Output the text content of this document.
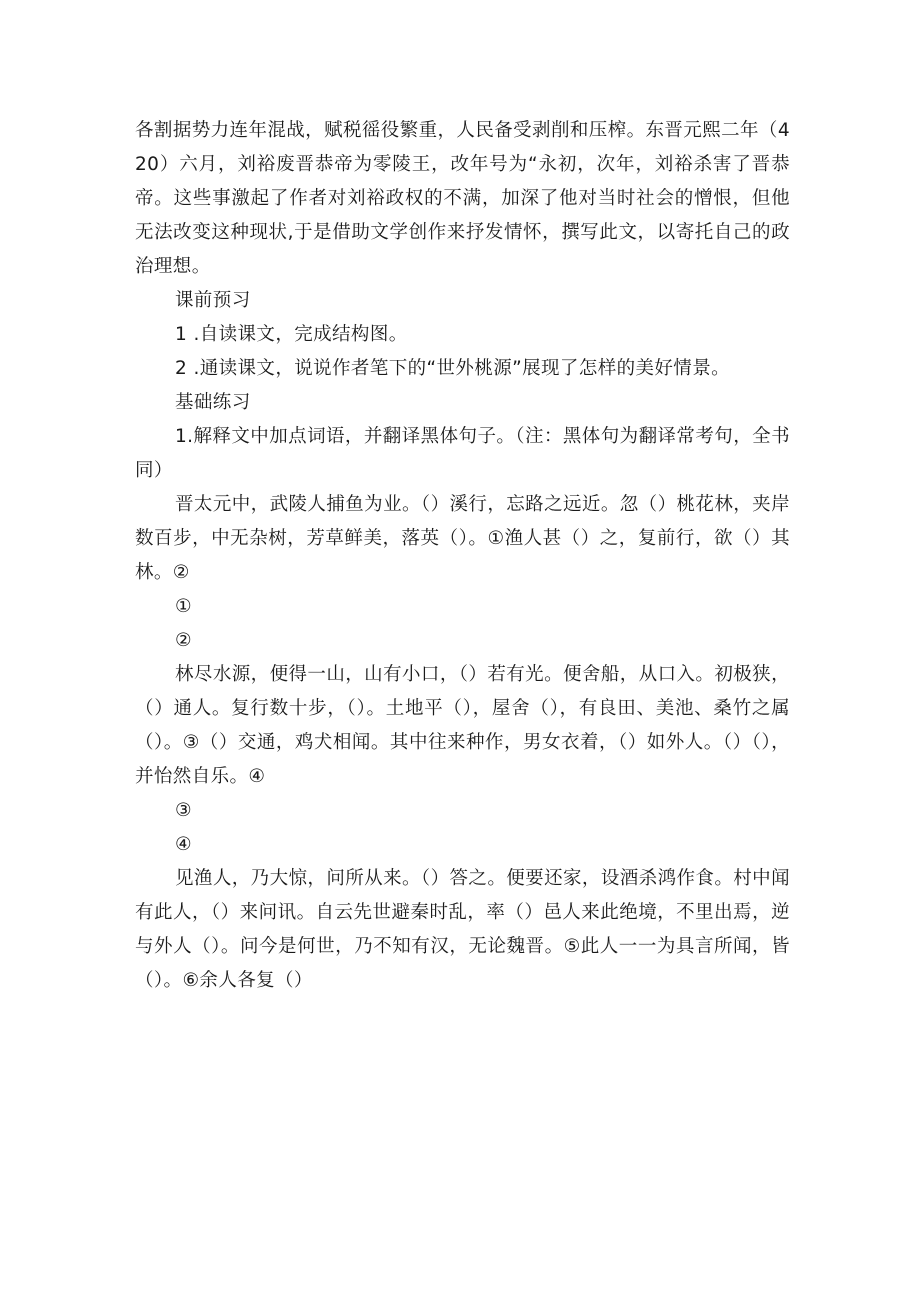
各割据势力连年混战，赋税徭役繁重，人民备受剥削和压榨。东晋元熙二年（420）六月，刘裕废晋恭帝为零陵王，改年号为“永初，次年，刘裕杀害了晋恭帝。这些事激起了作者对刘裕政权的不满，加深了他对当时社会的憎恨，但他无法改变这种现状,于是借助文学创作来抒发情怀，撰写此文，以寄托自己的政治理想。

课前预习

1 .自读课文，完成结构图。

2 .通读课文，说说作者笔下的“世外桃源”展现了怎样的美好情景。

基础练习

1.解释文中加点词语，并翻译黑体句子。（注：黑体句为翻译常考句，全书同）

晋太元中，武陵人捕鱼为业。（）溪行，忘路之远近。忽（）桃花林，夹岸数百步，中无杂树，芳草鲜美，落英（）。①渔人甚（）之，复前行，欲（）其林。②

①

②

林尽水源，便得一山，山有小口，（）若有光。便舍船，从口入。初极狭，（）通人。复行数十步，（）。土地平（），屋舍（），有良田、美池、桑竹之属（）。③（）交通，鸡犬相闻。其中往来种作，男女衣着，（）如外人。（）（），并怡然自乐。④

③

④

见渔人，乃大惊，问所从来。（）答之。便要还家，设酒杀鸿作食。村中闻有此人，（）来问讯。自云先世避秦时乱，率（）邑人来此绝境，不里出焉，逆与外人（）。问今是何世，乃不知有汉，无论魏晋。⑤此人一一为具言所闻，皆（）。⑥余人各复（）
